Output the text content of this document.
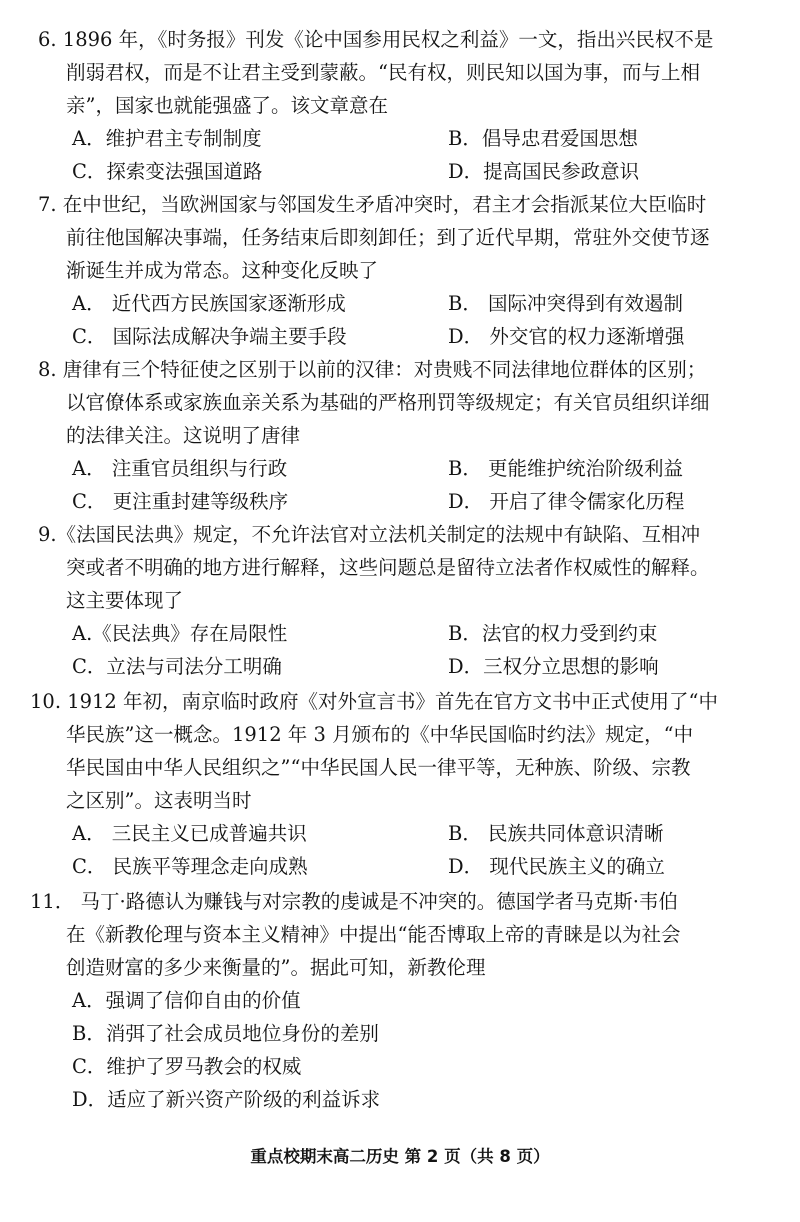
6. 1896 年，《时务报》刊发《论中国参用民权之利益》一文，指出兴民权不是
削弱君权，而是不让君主受到蒙蔽。“民有权，则民知以国为事，而与上相
亲”，国家也就能强盛了。该文章意在
A．维护君主专制制度	B．倡导忠君爱国思想
C．探索变法强国道路	D．提高国民参政意识
7. 在中世纪，当欧洲国家与邻国发生矛盾冲突时，君主才会指派某位大臣临时
前往他国解决事端，任务结束后即刻卸任；到了近代早期，常驻外交使节逐
渐诞生并成为常态。这种变化反映了
A． 近代西方民族国家逐渐形成	B． 国际冲突得到有效遏制
C． 国际法成解决争端主要手段	D． 外交官的权力逐渐增强
8. 唐律有三个特征使之区别于以前的汉律：对贵贱不同法律地位群体的区别；
以官僚体系或家族血亲关系为基础的严格刑罚等级规定；有关官员组织详细
的法律关注。这说明了唐律
A． 注重官员组织与行政	B． 更能维护统治阶级利益
C． 更注重封建等级秩序	D． 开启了律令儒家化历程
9.《法国民法典》规定，不允许法官对立法机关制定的法规中有缺陷、互相冲
突或者不明确的地方进行解释，这些问题总是留待立法者作权威性的解释。
这主要体现了
A.《民法典》存在局限性	B．法官的权力受到约束
C．立法与司法分工明确	D．三权分立思想的影响
10. 1912 年初，南京临时政府《对外宣言书》首先在官方文书中正式使用了“中
华民族”这一概念。1912 年 3 月颁布的《中华民国临时约法》规定，“中
华民国由中华人民组织之”“中华民国人民一律平等，无种族、阶级、宗教
之区别”。这表明当时
A． 三民主义已成普遍共识	B． 民族共同体意识清晰
C． 民族平等理念走向成熟	D． 现代民族主义的确立
11． 马丁·路德认为赚钱与对宗教的虔诚是不冲突的。德国学者马克斯·韦伯
在《新教伦理与资本主义精神》中提出“能否博取上帝的青睐是以为社会
创造财富的多少来衡量的”。据此可知，新教伦理
A．强调了信仰自由的价值
B．消弭了社会成员地位身份的差别
C．维护了罗马教会的权威
D．适应了新兴资产阶级的利益诉求
重点校期末高二历史 第 2 页（共 8 页）
